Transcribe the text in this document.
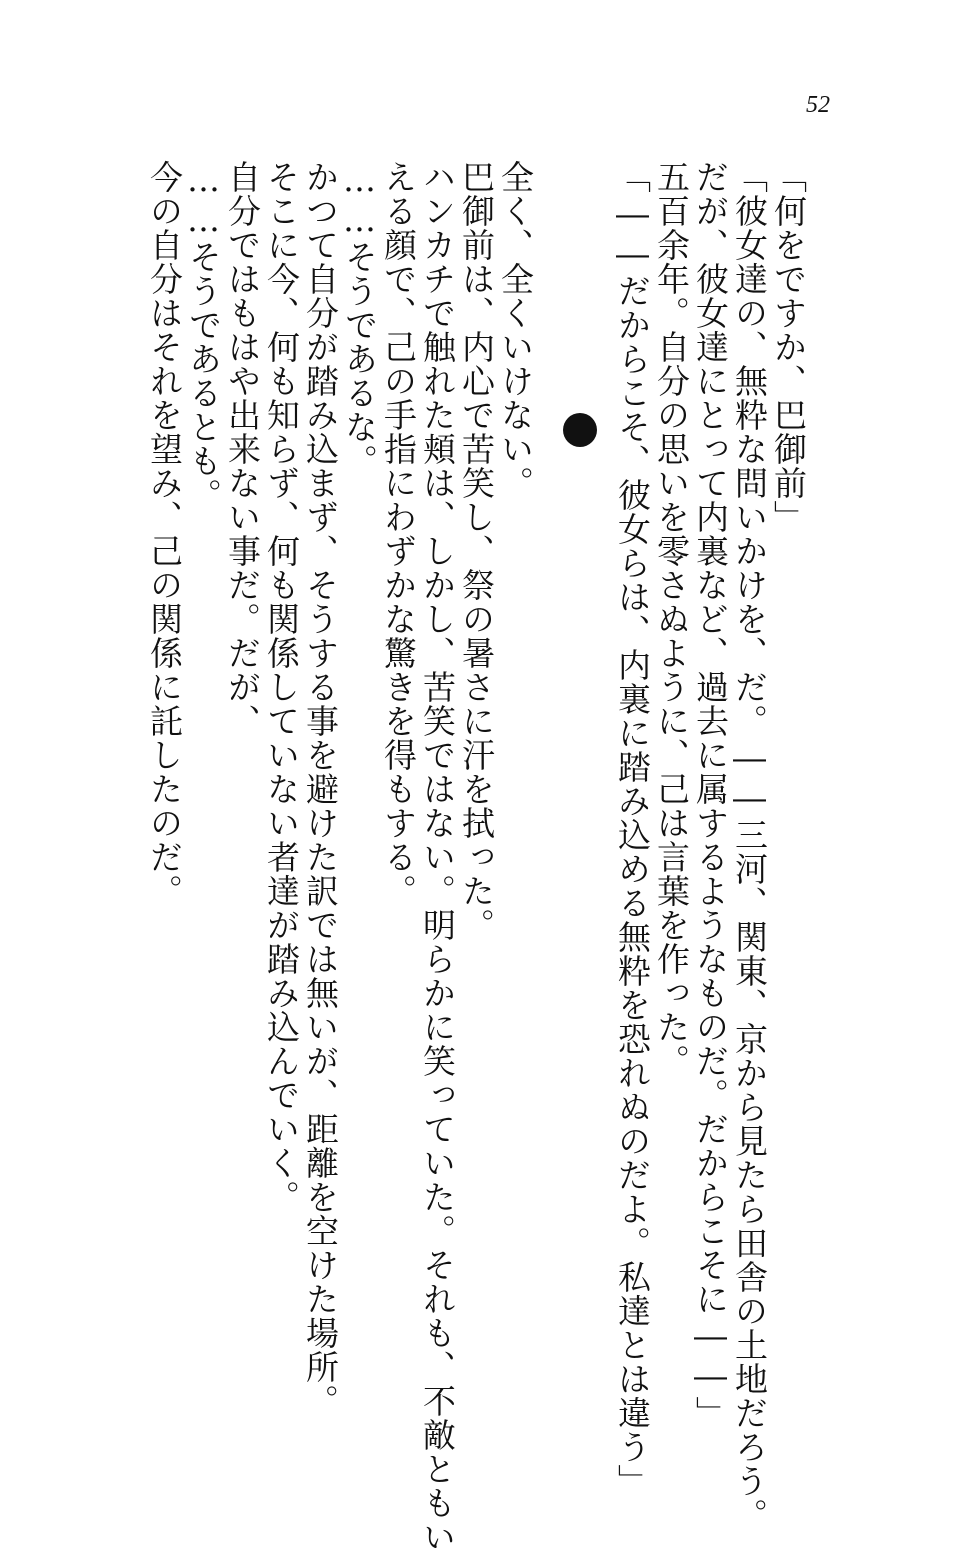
52
「何をですか、巴御前」
「彼女達の、無粋な問いかけを、だ。――三河、関東、京から見たら田舎の土地だろう。
だが、彼女達にとって内裏など、過去に属するようなものだ。だからこそに――」
五百余年。自分の思いを零さぬように、己は言葉を作った。
「――だからこそ、彼女らは、内裏に踏み込める無粋を恐れぬのだよ。私達とは違う」
全く、全くいけない。
巴御前は、内心で苦笑し、祭の暑さに汗を拭った。
ハンカチで触れた頬は、しかし、苦笑ではない。明らかに笑っていた。それも、不敵ともい
える顔で、己の手指にわずかな驚きを得もする。
……そうであるな。
かつて自分が踏み込まず、そうする事を避けた訳では無いが、距離を空けた場所。
そこに今、何も知らず、何も関係していない者達が踏み込んでいく。
自分ではもはや出来ない事だ。だが、
……そうであるとも。
今の自分はそれを望み、己の関係に託したのだ。
